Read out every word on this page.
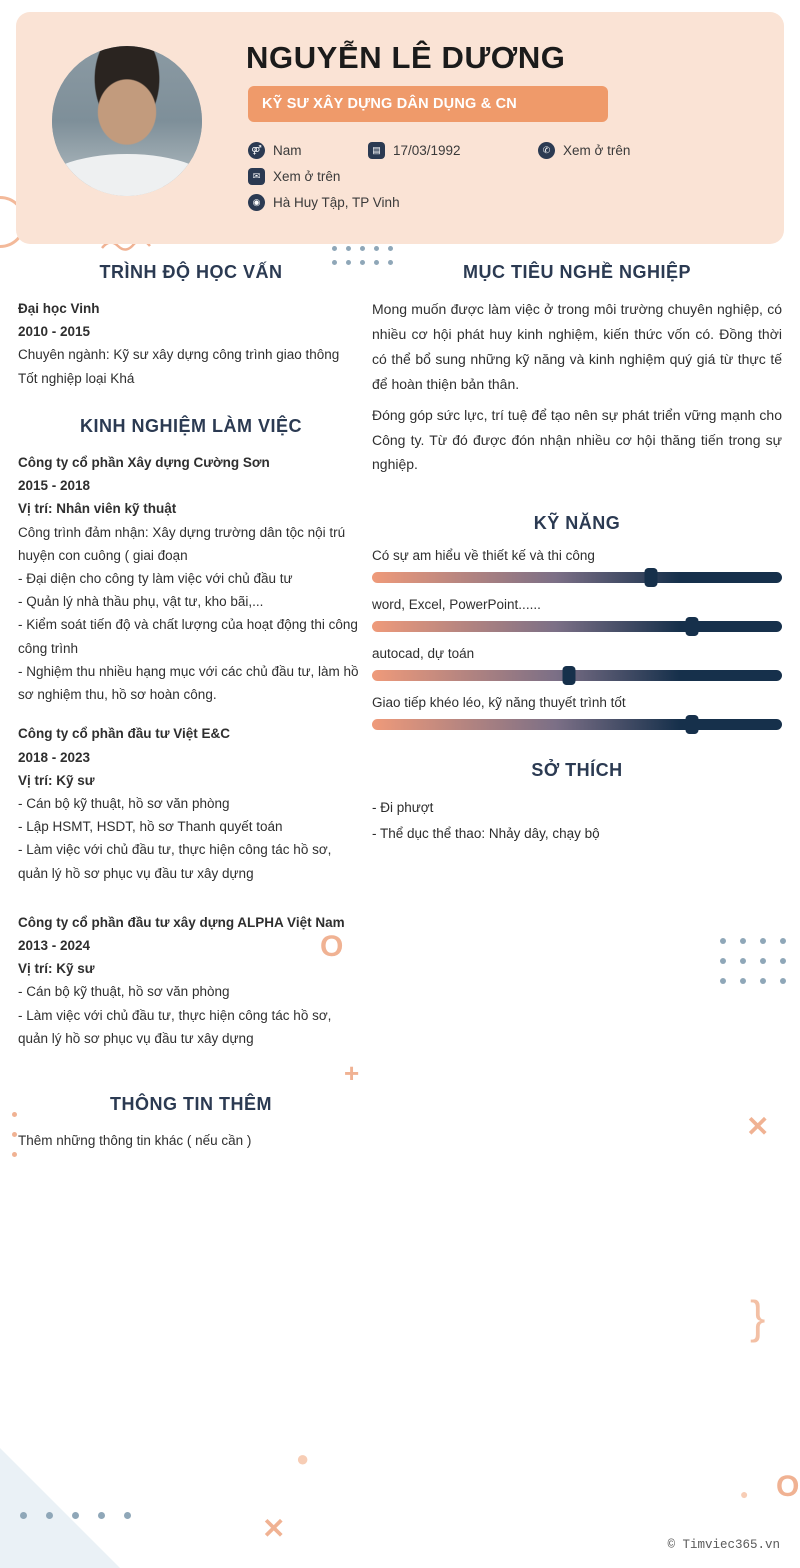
O
O
+
✕
✕
}
●
●
NGUYỄN LÊ DƯƠNG
KỸ SƯ XÂY DỰNG DÂN DỤNG & CN
⚤ Nam	▤ 17/03/1992	✆ Xem ở trên
✉ Xem ở trên
◉ Hà Huy Tập, TP Vinh
TRÌNH ĐỘ HỌC VẤN
Đại học Vinh
2010 - 2015
Chuyên ngành: Kỹ sư xây dựng công trình giao thông
Tốt nghiệp loại Khá
KINH NGHIỆM LÀM VIỆC
Công ty cổ phần Xây dựng Cường Sơn
2015 - 2018
Vị trí: Nhân viên kỹ thuật
Công trình đảm nhận: Xây dựng trường dân tộc nội trú huyện con cuông ( giai đoạn
- Đại diện cho công ty làm việc với chủ đầu tư
- Quản lý nhà thầu phụ, vật tư, kho bãi,...
- Kiểm soát tiến độ và chất lượng của hoạt động thi công công trình
- Nghiệm thu nhiều hạng mục với các chủ đầu tư, làm hồ sơ nghiệm thu, hồ sơ hoàn công.
Công ty cổ phần đầu tư Việt E&C
2018 - 2023
Vị trí: Kỹ sư
- Cán bộ kỹ thuật, hồ sơ văn phòng
- Lập HSMT, HSDT, hồ sơ Thanh quyết toán
- Làm việc với chủ đầu tư, thực hiện công tác hồ sơ, quản lý hồ sơ phục vụ đầu tư xây dựng
Công ty cổ phần đầu tư xây dựng ALPHA Việt Nam
2013 - 2024
Vị trí: Kỹ sư
- Cán bộ kỹ thuật, hồ sơ văn phòng
- Làm việc với chủ đầu tư, thực hiện công tác hồ sơ, quản lý hồ sơ phục vụ đầu tư xây dựng
THÔNG TIN THÊM
Thêm những thông tin khác ( nếu cần )
MỤC TIÊU NGHỀ NGHIỆP
Mong muốn được làm việc ở trong môi trường chuyên nghiệp, có nhiều cơ hội phát huy kinh nghiệm, kiến thức vốn có. Đồng thời có thể bổ sung những kỹ năng và kinh nghiệm quý giá từ thực tế để hoàn thiện bản thân.
Đóng góp sức lực, trí tuệ để tạo nên sự phát triển vững mạnh cho Công ty. Từ đó được đón nhận nhiều cơ hội thăng tiến trong sự nghiệp.
KỸ NĂNG
Có sự am hiểu về thiết kế và thi công
word, Excel, PowerPoint......
autocad, dự toán
Giao tiếp khéo léo, kỹ năng thuyết trình tốt
SỞ THÍCH
- Đi phượt
- Thể dục thể thao: Nhảy dây, chạy bộ
© Timviec365.vn
